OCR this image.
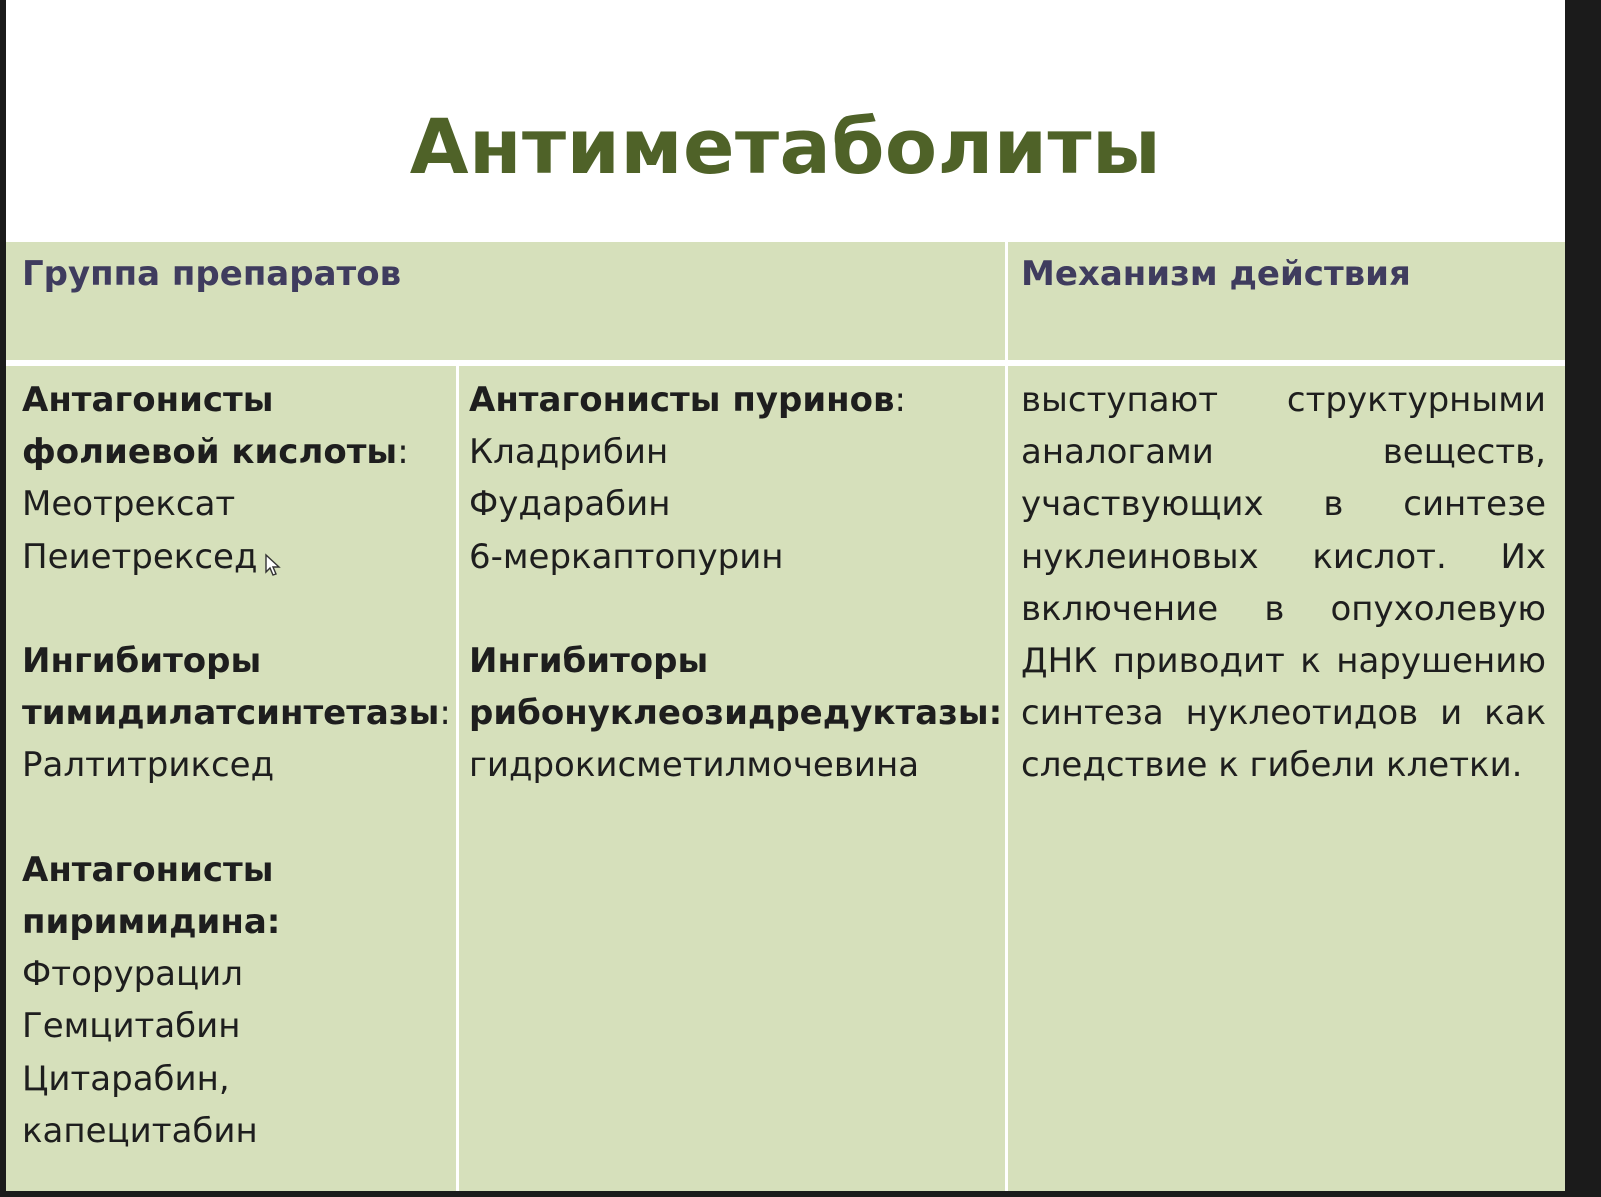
Антиметаболиты
Группа препаратов	Механизм действия
Антагонисты
фолиевой кислоты:
Меотрексат
Пеиетрексед
Ингибиторы
тимидилатсинтетазы:
Ралтитриксед
Антагонисты
пиримидина:
Фторурацил
Гемцитабин
Цитарабин,
капецитабин
Антагонисты пуринов:
Кладрибин
Фударабин
6-меркаптопурин
Ингибиторы
рибонуклеозидредуктазы:
гидрокисметилмочевина
выступают структурными
аналогами веществ,
участвующих в синтезе
нуклеиновых кислот. Их
включение в опухолевую
ДНК приводит к нарушению
синтеза нуклеотидов и как
следствие к гибели клетки.
